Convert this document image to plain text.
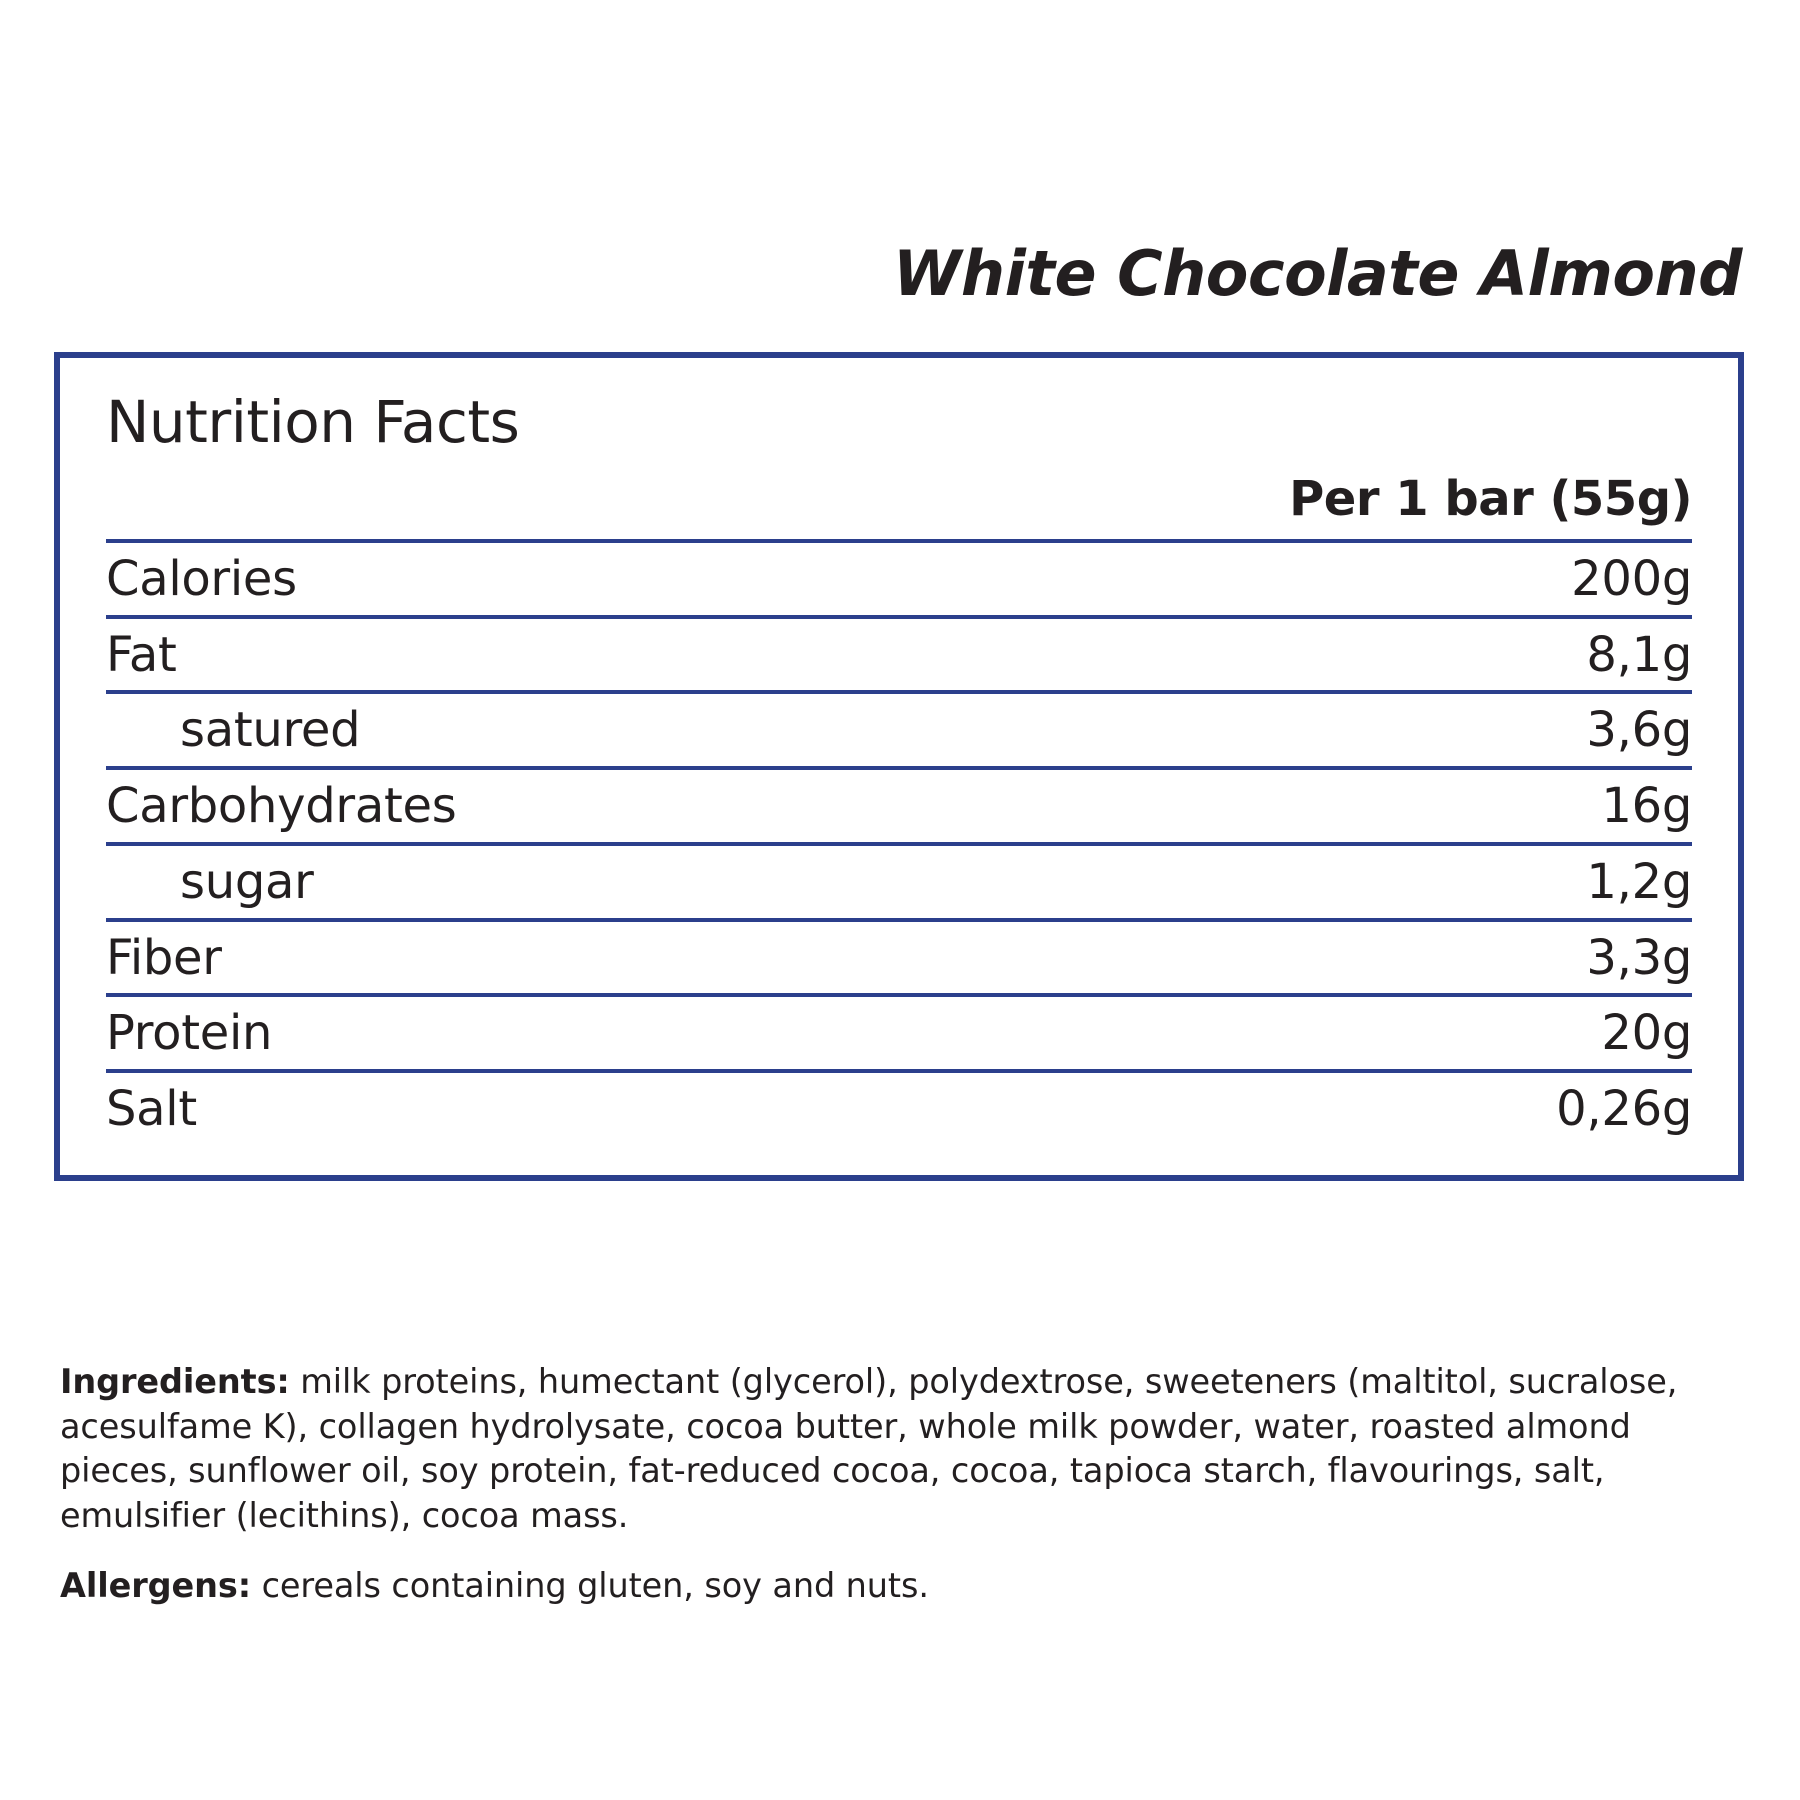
White Chocolate Almond
Nutrition Facts
Per 1 bar (55g)
Calories	200g
Fat	8,1g
satured	3,6g
Carbohydrates	16g
sugar	1,2g
Fiber	3,3g
Protein	20g
Salt	0,26g
Ingredients: milk proteins, humectant (glycerol), polydextrose, sweeteners (maltitol, sucralose, acesulfame K), collagen hydrolysate, cocoa butter, whole milk powder, water, roasted almond pieces, sunflower oil, soy protein, fat-reduced cocoa, cocoa, tapioca starch, flavourings, salt, emulsifier (lecithins), cocoa mass.
Allergens: cereals containing gluten, soy and nuts.
